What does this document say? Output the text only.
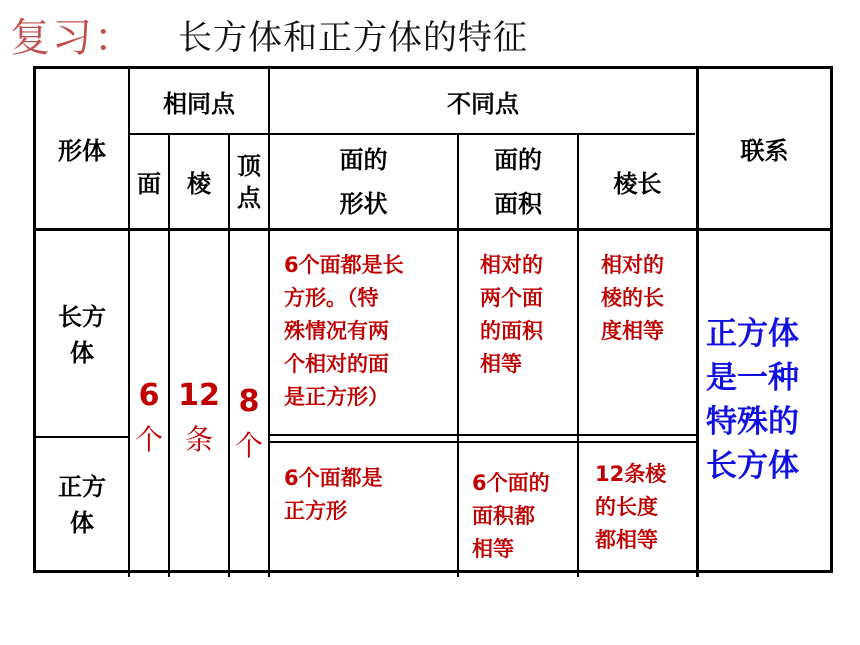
复习： 长方体和正方体的特征
形体
相同点	不同点
联系
面	棱
顶
点
面的
形状
面的
面积
棱长
长方
体
正方
体
6
个
12
条
8
个
6个面都是长
方形。（特
殊情况有两
个相对的面
是正方形）
相对的
两个面
的面积
相等
相对的
棱的长
度相等
6个面都是
正方形
6个面的
面积都
相等
12条棱
的长度
都相等
正方体
是一种
特殊的
长方体
